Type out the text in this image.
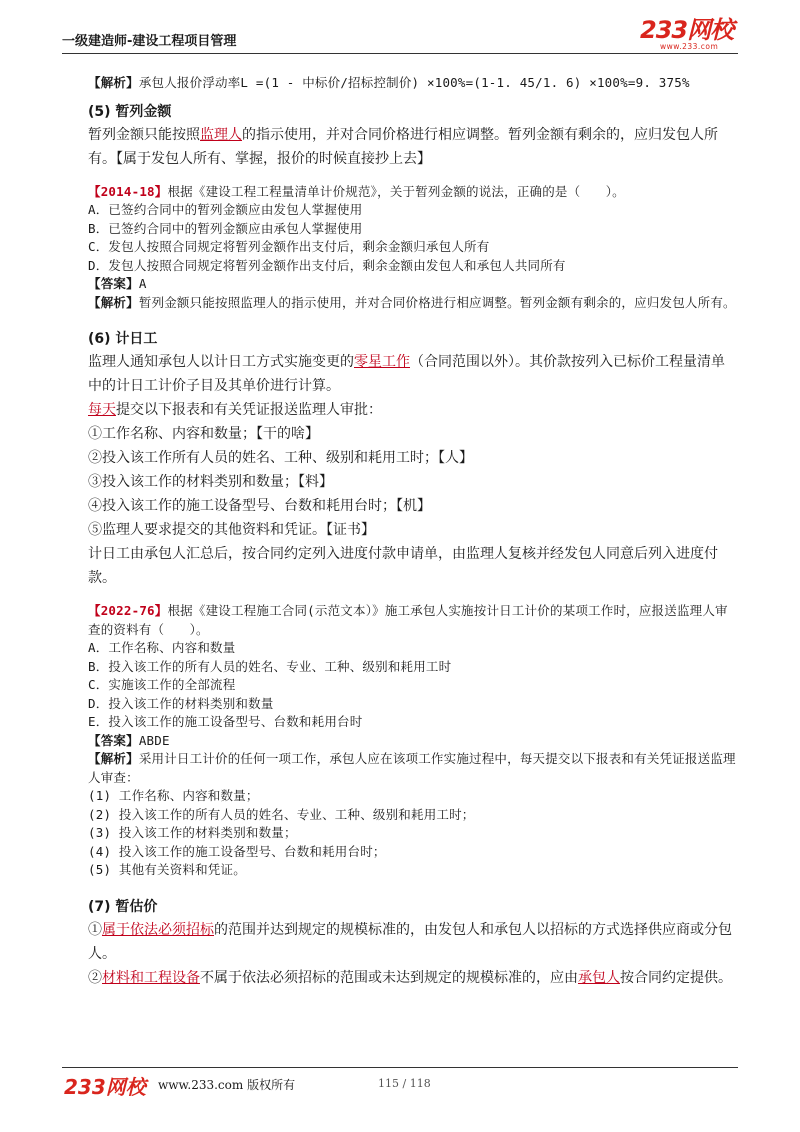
一级建造师-建设工程项目管理	233网校
www.233.com

【解析】承包人报价浮动率L =(1 - 中标价/招标控制价) ×100%=(1-1. 45/1. 6) ×100%=9. 375%

(5) 暂列金额

暂列金额只能按照监理人的指示使用，并对合同价格进行相应调整。暂列金额有剩余的，应归发包人所有。【属于发包人所有、掌握，报价的时候直接抄上去】

【2014-18】根据《建设工程工程量清单计价规范》，关于暂列金额的说法，正确的是（　　）。

A．已签约合同中的暂列金额应由发包人掌握使用

B．已签约合同中的暂列金额应由承包人掌握使用

C．发包人按照合同规定将暂列金额作出支付后，剩余金额归承包人所有

D．发包人按照合同规定将暂列金额作出支付后，剩余金额由发包人和承包人共同所有

【答案】A

【解析】暂列金额只能按照监理人的指示使用，并对合同价格进行相应调整。暂列金额有剩余的，应归发包人所有。

(6) 计日工

监理人通知承包人以计日工方式实施变更的零星工作（合同范围以外）。其价款按列入已标价工程量清单中的计日工计价子目及其单价进行计算。

每天提交以下报表和有关凭证报送监理人审批：

①工作名称、内容和数量；【干的啥】

②投入该工作所有人员的姓名、工种、级别和耗用工时；【人】

③投入该工作的材料类别和数量；【料】

④投入该工作的施工设备型号、台数和耗用台时；【机】

⑤监理人要求提交的其他资料和凭证。【证书】

计日工由承包人汇总后，按合同约定列入进度付款申请单，由监理人复核并经发包人同意后列入进度付款。

【2022-76】根据《建设工程施工合同(示范文本）》施工承包人实施按计日工计价的某项工作时，应报送监理人审查的资料有（　　）。

A．工作名称、内容和数量

B．投入该工作的所有人员的姓名、专业、工种、级别和耗用工时

C．实施该工作的全部流程

D．投入该工作的材料类别和数量

E．投入该工作的施工设备型号、台数和耗用台时

【答案】ABDE

【解析】采用计日工计价的任何一项工作，承包人应在该项工作实施过程中，每天提交以下报表和有关凭证报送监理人审查：

(1) 工作名称、内容和数量；

(2) 投入该工作的所有人员的姓名、专业、工种、级别和耗用工时；

(3) 投入该工作的材料类别和数量；

(4) 投入该工作的施工设备型号、台数和耗用台时；

(5) 其他有关资料和凭证。

(7) 暂估价

①属于依法必须招标的范围并达到规定的规模标准的，由发包人和承包人以招标的方式选择供应商或分包人。

②材料和工程设备不属于依法必须招标的范围或未达到规定的规模标准的，应由承包人按合同约定提供。

233网校 www.233.com 版权所有	115 / 118
